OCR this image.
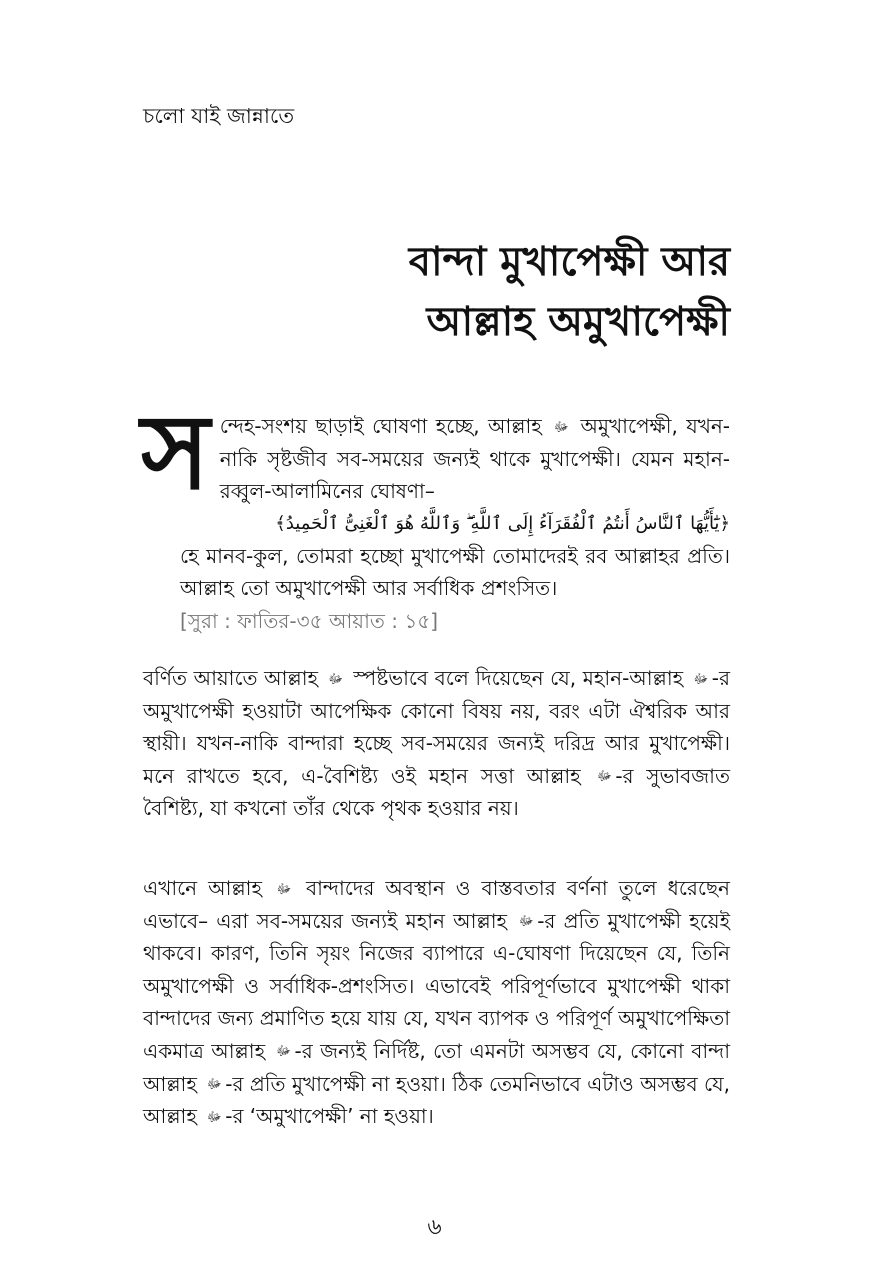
চলো যাই জান্নাতে
বান্দা মুখাপেক্ষী আর
আল্লাহ অমুখাপেক্ষী
সন্দেহ-সংশয় ছাড়াই ঘোষণা হচ্ছে, আল্লাহ ﷻ অমুখাপেক্ষী, যখন-নাকি সৃষ্টজীব সব-সময়ের জন্যই থাকে মুখাপেক্ষী। যেমন মহান-রব্বুল-আলামিনের ঘোষণা–
﴿يَٰٓأَيُّهَا ٱلنَّاسُ أَنتُمُ ٱلْفُقَرَآءُ إِلَى ٱللَّهِ ۖ وَٱللَّهُ هُوَ ٱلْغَنِىُّ ٱلْحَمِيدُ﴾
হে মানব-কুল, তোমরা হচ্ছো মুখাপেক্ষী তোমাদেরই রব আল্লাহর প্রতি। আল্লাহ তো অমুখাপেক্ষী আর সর্বাধিক প্রশংসিত।
[সুরা : ফাতির-৩৫ আয়াত : ১৫]
বর্ণিত আয়াতে আল্লাহ ﷻ স্পষ্টভাবে বলে দিয়েছেন যে, মহান-আল্লাহ ﷻ -র অমুখাপেক্ষী হওয়াটা আপেক্ষিক কোনো বিষয় নয়, বরং এটা ঐশ্বরিক আর স্থায়ী। যখন-নাকি বান্দারা হচ্ছে সব-সময়ের জন্যই দরিদ্র আর মুখাপেক্ষী। মনে রাখতে হবে, এ-বৈশিষ্ট্য ওই মহান সত্তা আল্লাহ ﷻ -র সুভাবজাত বৈশিষ্ট্য, যা কখনো তাঁর থেকে পৃথক হওয়ার নয়।
এখানে আল্লাহ ﷻ বান্দাদের অবস্থান ও বাস্তবতার বর্ণনা তুলে ধরেছেন এভাবে– এরা সব-সময়ের জন্যই মহান আল্লাহ ﷻ -র প্রতি মুখাপেক্ষী হয়েই থাকবে। কারণ, তিনি সৃয়ং নিজের ব্যাপারে এ-ঘোষণা দিয়েছেন যে, তিনি অমুখাপেক্ষী ও সর্বাধিক-প্রশংসিত। এভাবেই পরিপূর্ণভাবে মুখাপেক্ষী থাকা বান্দাদের জন্য প্রমাণিত হয়ে যায় যে, যখন ব্যাপক ও পরিপূর্ণ অমুখাপেক্ষিতা একমাত্র আল্লাহ ﷻ -র জন্যই নির্দিষ্ট, তো এমনটা অসম্ভব যে, কোনো বান্দা আল্লাহ ﷻ -র প্রতি মুখাপেক্ষী না হওয়া। ঠিক তেমনিভাবে এটাও অসম্ভব যে, আল্লাহ ﷻ -র ‘অমুখাপেক্ষী’ না হওয়া।
৬
